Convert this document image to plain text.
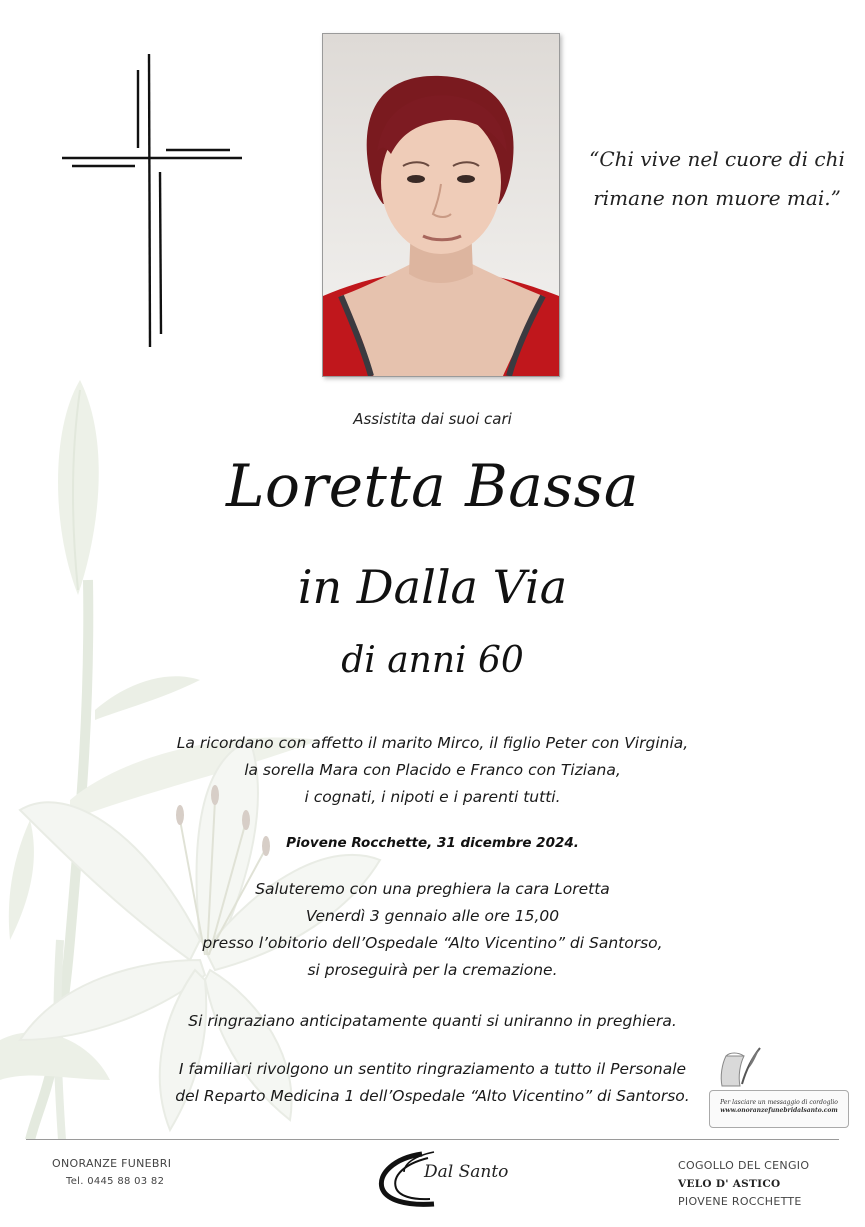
“Chi vive nel cuore di chi
rimane non muore mai.”
Assistita dai suoi cari
Loretta Bassa
in Dalla Via
di anni 60
La ricordano con affetto il marito Mirco, il figlio Peter con Virginia,
la sorella Mara con Placido e Franco con Tiziana,
i cognati, i nipoti e i parenti tutti.
Piovene Rocchette, 31 dicembre 2024.
Saluteremo con una preghiera la cara Loretta
Venerdì 3 gennaio alle ore 15,00
presso l’obitorio dell’Ospedale “Alto Vicentino” di Santorso,
si proseguirà per la cremazione.
Si ringraziano anticipatamente quanti si uniranno in preghiera.
I familiari rivolgono un sentito ringraziamento a tutto il Personale
del Reparto Medicina 1 dell’Ospedale “Alto Vicentino” di Santorso.	Per lasciare un messaggio di cordoglio
www.onoranzefunebridalsanto.com
ONORANZE FUNEBRI
Tel. 0445 88 03 82	Dal Santo	COGOLLO DEL CENGIO
VELO D' ASTICO
PIOVENE ROCCHETTE
